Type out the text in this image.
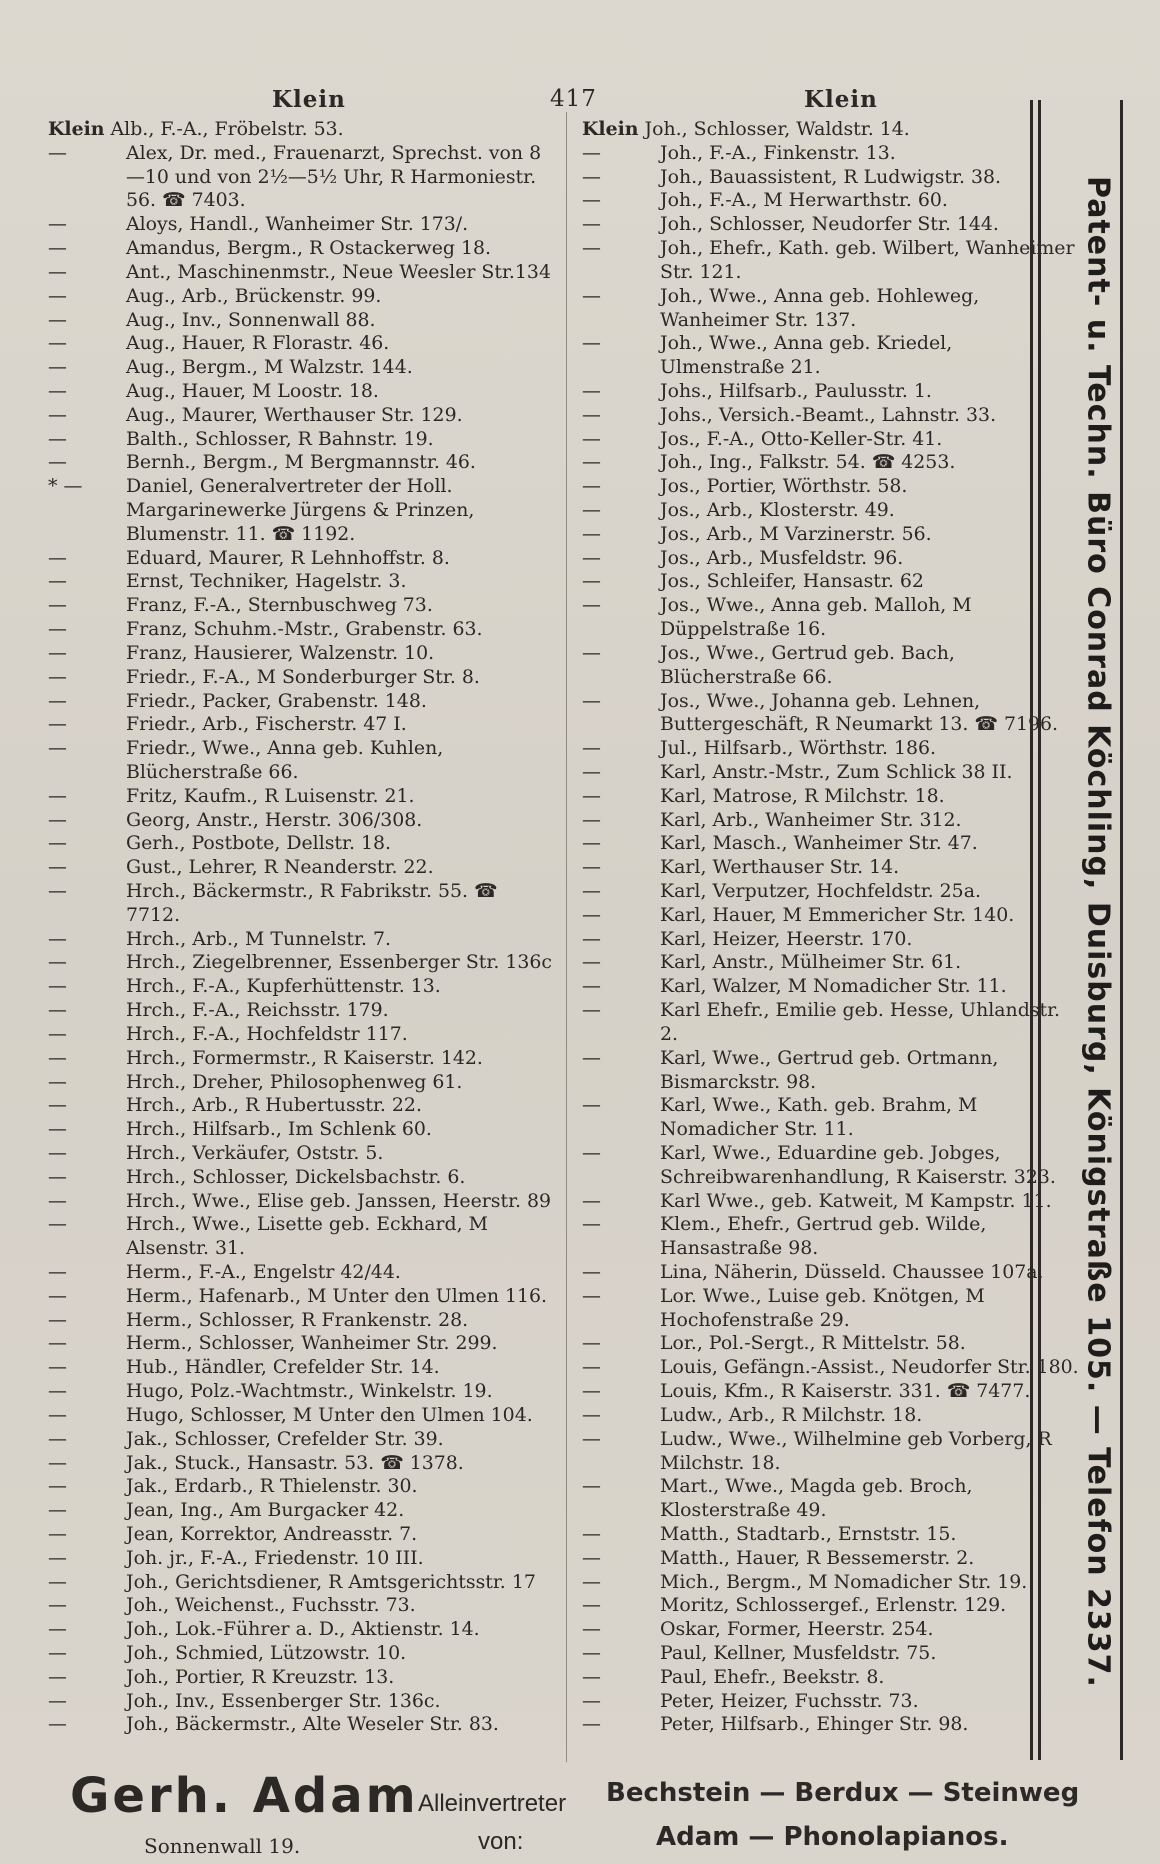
Klein	417	Klein
Klein Alb., F.-A., Fröbelstr. 53.
—	Alex, Dr. med., Frauenarzt, Sprechst. von 8—10 und von 2½—5½ Uhr, R Harmoniestr. 56. ☎ 7403.
—	Aloys, Handl., Wanheimer Str. 173/.
—	Amandus, Bergm., R Ostackerweg 18.
—	Ant., Maschinenmstr., Neue Weesler Str.134
—	Aug., Arb., Brückenstr. 99.
—	Aug., Inv., Sonnenwall 88.
—	Aug., Hauer, R Florastr. 46.
—	Aug., Bergm., M Walzstr. 144.
—	Aug., Hauer, M Loostr. 18.
—	Aug., Maurer, Werthauser Str. 129.
—	Balth., Schlosser, R Bahnstr. 19.
—	Bernh., Bergm., M Bergmannstr. 46.
* —	Daniel, Generalvertreter der Holl. Margarinewerke Jürgens & Prinzen, Blumenstr. 11. ☎ 1192.
—	Eduard, Maurer, R Lehnhoffstr. 8.
—	Ernst, Techniker, Hagelstr. 3.
—	Franz, F.-A., Sternbuschweg 73.
—	Franz, Schuhm.-Mstr., Grabenstr. 63.
—	Franz, Hausierer, Walzenstr. 10.
—	Friedr., F.-A., M Sonderburger Str. 8.
—	Friedr., Packer, Grabenstr. 148.
—	Friedr., Arb., Fischerstr. 47 I.
—	Friedr., Wwe., Anna geb. Kuhlen, Blücherstraße 66.
—	Fritz, Kaufm., R Luisenstr. 21.
—	Georg, Anstr., Herstr. 306/308.
—	Gerh., Postbote, Dellstr. 18.
—	Gust., Lehrer, R Neanderstr. 22.
—	Hrch., Bäckermstr., R Fabrikstr. 55. ☎ 7712.
—	Hrch., Arb., M Tunnelstr. 7.
—	Hrch., Ziegelbrenner, Essenberger Str. 136c
—	Hrch., F.-A., Kupferhüttenstr. 13.
—	Hrch., F.-A., Reichsstr. 179.
—	Hrch., F.-A., Hochfeldstr 117.
—	Hrch., Formermstr., R Kaiserstr. 142.
—	Hrch., Dreher, Philosophenweg 61.
—	Hrch., Arb., R Hubertusstr. 22.
—	Hrch., Hilfsarb., Im Schlenk 60.
—	Hrch., Verkäufer, Oststr. 5.
—	Hrch., Schlosser, Dickelsbachstr. 6.
—	Hrch., Wwe., Elise geb. Janssen, Heerstr. 89
—	Hrch., Wwe., Lisette geb. Eckhard, M Alsenstr. 31.
—	Herm., F.-A., Engelstr 42/44.
—	Herm., Hafenarb., M Unter den Ulmen 116.
—	Herm., Schlosser, R Frankenstr. 28.
—	Herm., Schlosser, Wanheimer Str. 299.
—	Hub., Händler, Crefelder Str. 14.
—	Hugo, Polz.-Wachtmstr., Winkelstr. 19.
—	Hugo, Schlosser, M Unter den Ulmen 104.
—	Jak., Schlosser, Crefelder Str. 39.
—	Jak., Stuck., Hansastr. 53. ☎ 1378.
—	Jak., Erdarb., R Thielenstr. 30.
—	Jean, Ing., Am Burgacker 42.
—	Jean, Korrektor, Andreasstr. 7.
—	Joh. jr., F.-A., Friedenstr. 10 III.
—	Joh., Gerichtsdiener, R Amtsgerichtsstr. 17
—	Joh., Weichenst., Fuchsstr. 73.
—	Joh., Lok.-Führer a. D., Aktienstr. 14.
—	Joh., Schmied, Lützowstr. 10.
—	Joh., Portier, R Kreuzstr. 13.
—	Joh., Inv., Essenberger Str. 136c.
—	Joh., Bäckermstr., Alte Weseler Str. 83.
Klein Joh., Schlosser, Waldstr. 14.
—	Joh., F.-A., Finkenstr. 13.
—	Joh., Bauassistent, R Ludwigstr. 38.
—	Joh., F.-A., M Herwarthstr. 60.
—	Joh., Schlosser, Neudorfer Str. 144.
—	Joh., Ehefr., Kath. geb. Wilbert, Wanheimer Str. 121.
—	Joh., Wwe., Anna geb. Hohleweg, Wanheimer Str. 137.
—	Joh., Wwe., Anna geb. Kriedel, Ulmenstraße 21.
—	Johs., Hilfsarb., Paulusstr. 1.
—	Johs., Versich.-Beamt., Lahnstr. 33.
—	Jos., F.-A., Otto-Keller-Str. 41.
—	Joh., Ing., Falkstr. 54. ☎ 4253.
—	Jos., Portier, Wörthstr. 58.
—	Jos., Arb., Klosterstr. 49.
—	Jos., Arb., M Varzinerstr. 56.
—	Jos., Arb., Musfeldstr. 96.
—	Jos., Schleifer, Hansastr. 62
—	Jos., Wwe., Anna geb. Malloh, M Düppelstraße 16.
—	Jos., Wwe., Gertrud geb. Bach, Blücherstraße 66.
—	Jos., Wwe., Johanna geb. Lehnen, Buttergeschäft, R Neumarkt 13. ☎ 7196.
—	Jul., Hilfsarb., Wörthstr. 186.
—	Karl, Anstr.-Mstr., Zum Schlick 38 II.
—	Karl, Matrose, R Milchstr. 18.
—	Karl, Arb., Wanheimer Str. 312.
—	Karl, Masch., Wanheimer Str. 47.
—	Karl, Werthauser Str. 14.
—	Karl, Verputzer, Hochfeldstr. 25a.
—	Karl, Hauer, M Emmericher Str. 140.
—	Karl, Heizer, Heerstr. 170.
—	Karl, Anstr., Mülheimer Str. 61.
—	Karl, Walzer, M Nomadicher Str. 11.
—	Karl Ehefr., Emilie geb. Hesse, Uhlandstr. 2.
—	Karl, Wwe., Gertrud geb. Ortmann, Bismarckstr. 98.
—	Karl, Wwe., Kath. geb. Brahm, M Nomadicher Str. 11.
—	Karl, Wwe., Eduardine geb. Jobges, Schreibwarenhandlung, R Kaiserstr. 323.
—	Karl Wwe., geb. Katweit, M Kampstr. 11.
—	Klem., Ehefr., Gertrud geb. Wilde, Hansastraße 98.
—	Lina, Näherin, Düsseld. Chaussee 107a.
—	Lor. Wwe., Luise geb. Knötgen, M Hochofenstraße 29.
—	Lor., Pol.-Sergt., R Mittelstr. 58.
—	Louis, Gefängn.-Assist., Neudorfer Str. 180.
—	Louis, Kfm., R Kaiserstr. 331. ☎ 7477.
—	Ludw., Arb., R Milchstr. 18.
—	Ludw., Wwe., Wilhelmine geb Vorberg, R Milchstr. 18.
—	Mart., Wwe., Magda geb. Broch, Klosterstraße 49.
—	Matth., Stadtarb., Ernststr. 15.
—	Matth., Hauer, R Bessemerstr. 2.
—	Mich., Bergm., M Nomadicher Str. 19.
—	Moritz, Schlossergef., Erlenstr. 129.
—	Oskar, Former, Heerstr. 254.
—	Paul, Kellner, Musfeldstr. 75.
—	Paul, Ehefr., Beekstr. 8.
—	Peter, Heizer, Fuchsstr. 73.
—	Peter, Hilfsarb., Ehinger Str. 98.
Patent- u. Techn. Büro Conrad Köchling, Duisburg, Königstraße 105. — Telefon 2337.
Gerh. Adam
Sonnenwall 19.
Alleinvertreter
von:
Bechstein — Berdux — Steinweg
Adam — Phonolapianos.
